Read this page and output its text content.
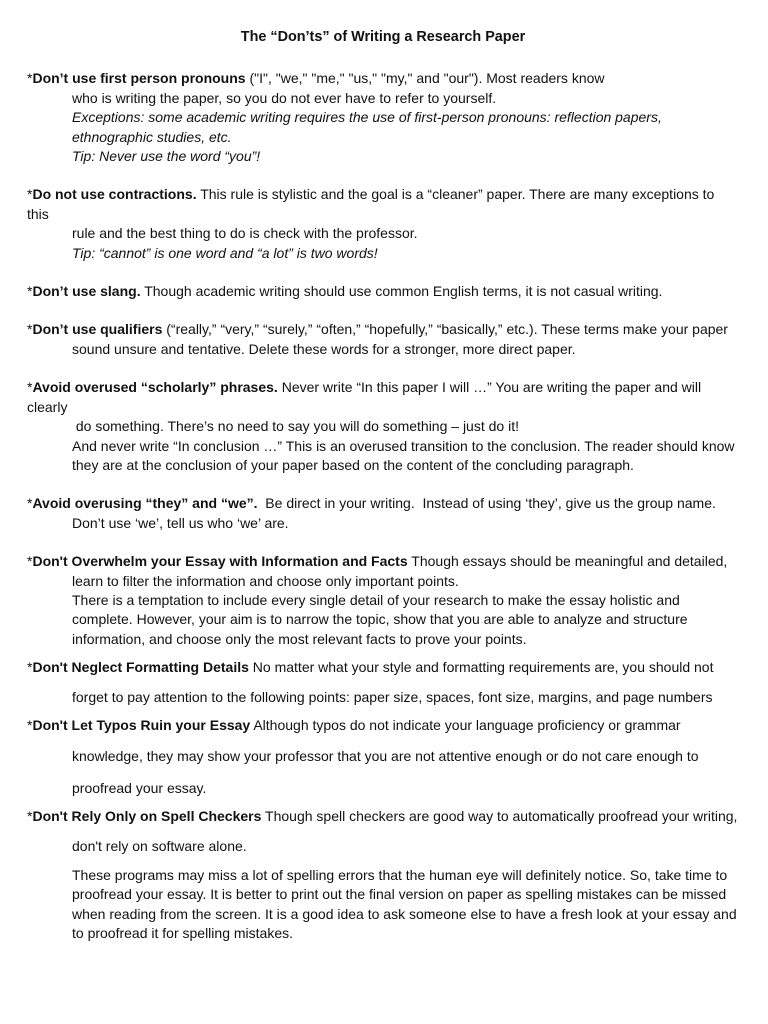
The “Don’ts” of Writing a Research Paper

*Don’t use first person pronouns ("I", "we," "me," "us," "my," and "our"). Most readers know

who is writing the paper, so you do not ever have to refer to yourself.

Exceptions: some academic writing requires the use of first-person pronouns: reflection papers, ethnographic studies, etc.

Tip: Never use the word “you”!

*Do not use contractions. This rule is stylistic and the goal is a “cleaner” paper. There are many exceptions to this

rule and the best thing to do is check with the professor.

Tip: “cannot” is one word and “a lot” is two words!

*Don’t use slang. Though academic writing should use common English terms, it is not casual writing.

*Don’t use qualifiers (“really,” “very,” “surely,” “often,” “hopefully,” “basically,” etc.). These terms make your paper

sound unsure and tentative. Delete these words for a stronger, more direct paper.

*Avoid overused “scholarly” phrases. Never write “In this paper I will …” You are writing the paper and will clearly

do something. There’s no need to say you will do something – just do it!

And never write “In conclusion …” This is an overused transition to the conclusion. The reader should know they are at the conclusion of your paper based on the content of the concluding paragraph.

*Avoid overusing “they” and “we”.  Be direct in your writing.  Instead of using ‘they’, give us the group name.

Don’t use ‘we’, tell us who ‘we’ are.

*Don't Overwhelm your Essay with Information and Facts Though essays should be meaningful and detailed,

learn to filter the information and choose only important points.

There is a temptation to include every single detail of your research to make the essay holistic and complete. However, your aim is to narrow the topic, show that you are able to analyze and structure information, and choose only the most relevant facts to prove your points.

*Don't Neglect Formatting Details No matter what your style and formatting requirements are, you should not

forget to pay attention to the following points: paper size, spaces, font size, margins, and page numbers

*Don't Let Typos Ruin your Essay Although typos do not indicate your language proficiency or grammar

knowledge, they may show your professor that you are not attentive enough or do not care enough to

proofread your essay.

*Don't Rely Only on Spell Checkers Though spell checkers are good way to automatically proofread your writing,

don't rely on software alone.

These programs may miss a lot of spelling errors that the human eye will definitely notice. So, take time to proofread your essay. It is better to print out the final version on paper as spelling mistakes can be missed when reading from the screen. It is a good idea to ask someone else to have a fresh look at your essay and to proofread it for spelling mistakes.
